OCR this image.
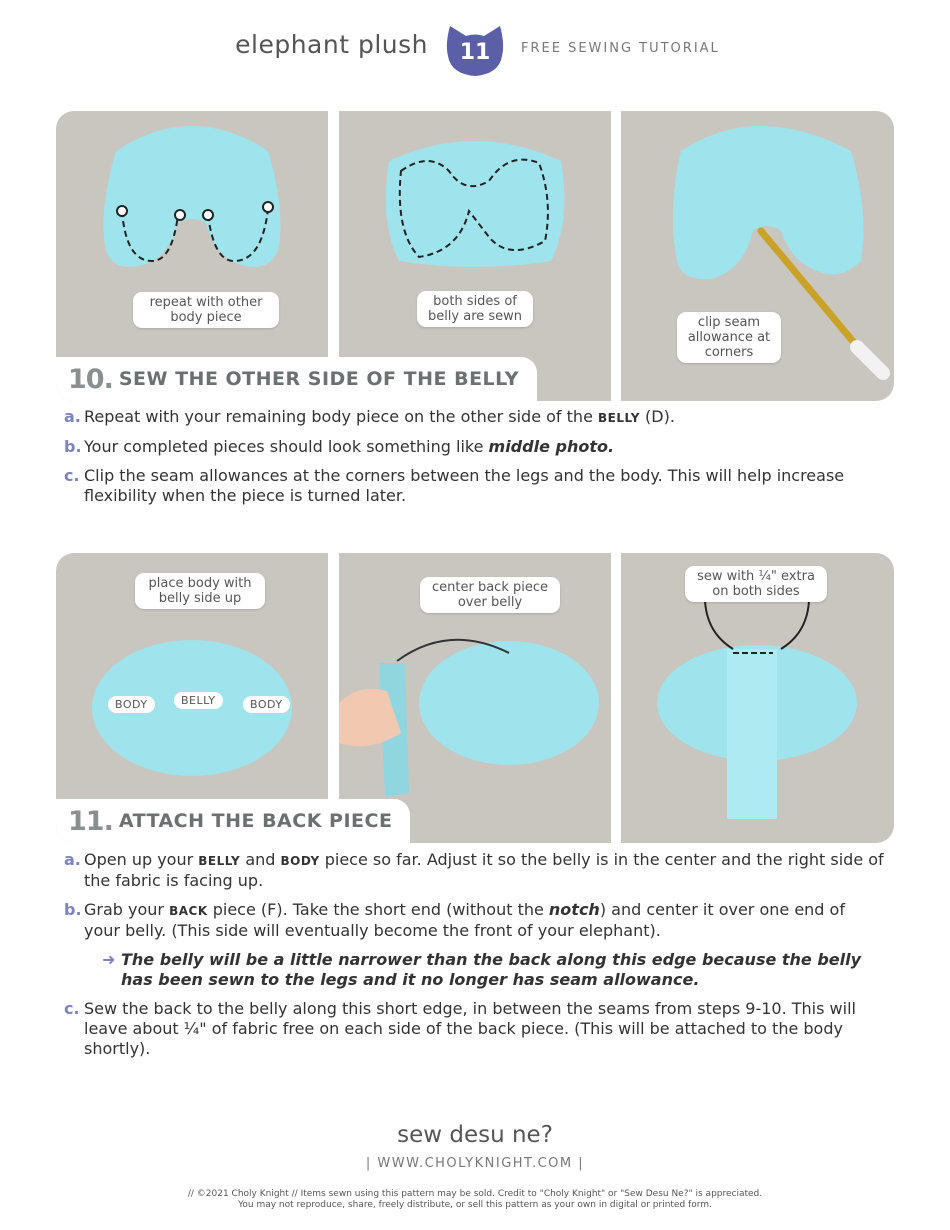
elephant plush	11	FREE SEWING TUTORIAL
repeat with other body piece
both sides of belly are sewn	clip seam allowance at corners
10. SEW THE OTHER SIDE OF THE BELLY
a. Repeat with your remaining body piece on the other side of the BELLY (D).
b. Your completed pieces should look something like middle photo.
c. Clip the seam allowances at the corners between the legs and the body. This will help increase flexibility when the piece is turned later.
place body with belly side up
BODY	BELLY	BODY
center back piece over belly
sew with ¼" extra on both sides
11. ATTACH THE BACK PIECE
a. Open up your BELLY and BODY piece so far. Adjust it so the belly is in the center and the right side of the fabric is facing up.
b. Grab your BACK piece (F). Take the short end (without the notch) and center it over one end of your belly. (This side will eventually become the front of your elephant).
➜ The belly will be a little narrower than the back along this edge because the belly has been sewn to the legs and it no longer has seam allowance.
c. Sew the back to the belly along this short edge, in between the seams from steps 9-10. This will leave about ¼" of fabric free on each side of the back piece. (This will be attached to the body shortly).
sew desu ne?
| WWW.CHOLYKNIGHT.COM |
// ©2021 Choly Knight // Items sewn using this pattern may be sold. Credit to "Choly Knight" or "Sew Desu Ne?" is appreciated.
You may not reproduce, share, freely distribute, or sell this pattern as your own in digital or printed form.
